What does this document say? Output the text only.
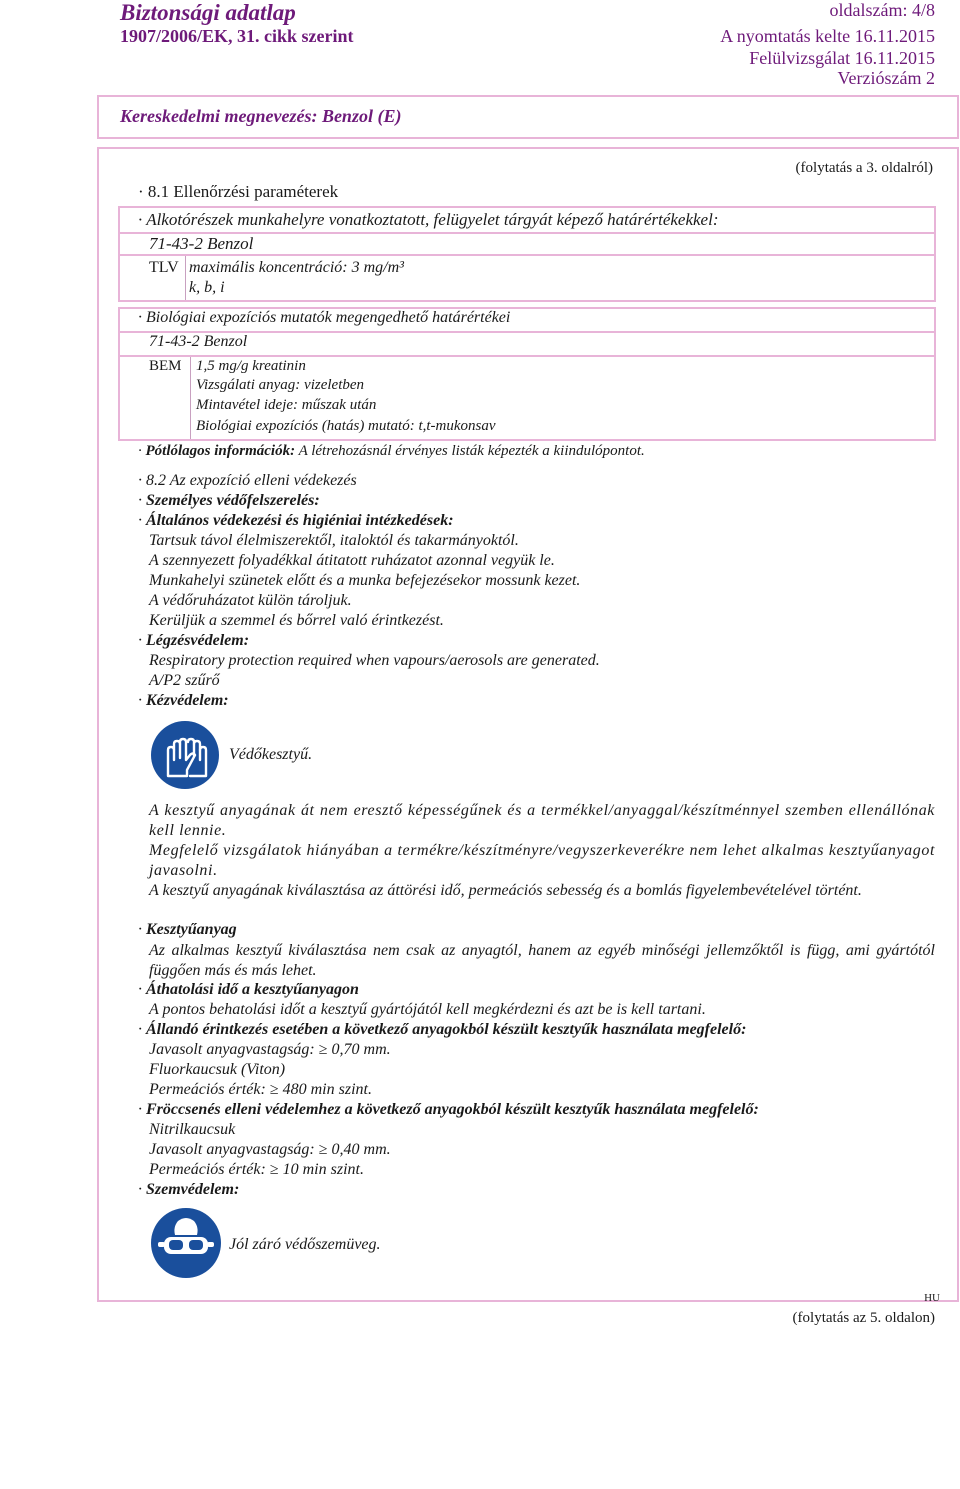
Biztonsági adatlap
1907/2006/EK, 31. cikk szerint
oldalszám: 4/8
A nyomtatás kelte 16.11.2015
Felülvizsgálat 16.11.2015
Verziószám 2
Kereskedelmi megnevezés: Benzol (E)
(folytatás a 3. oldalról)
· 8.1 Ellenőrzési paraméterek
· Alkotórészek munkahelyre vonatkoztatott, felügyelet tárgyát képező határértékekkel:
71-43-2 Benzol
TLV maximális koncentráció: 3 mg/m³
k, b, i
· Biológiai expozíciós mutatók megengedhető határértékei
71-43-2 Benzol
BEM 1,5 mg/g kreatinin
Vizsgálati anyag: vizeletben
Mintavétel ideje: műszak után
Biológiai expozíciós (hatás) mutató: t,t-mukonsav
· Pótlólagos információk: A létrehozásnál érvényes listák képezték a kiindulópontot.
· 8.2 Az expozíció elleni védekezés
· Személyes védőfelszerelés:
· Általános védekezési és higiéniai intézkedések:
Tartsuk távol élelmiszerektől, italoktól és takarmányoktól.
A szennyezett folyadékkal átitatott ruházatot azonnal vegyük le.
Munkahelyi szünetek előtt és a munka befejezésekor mossunk kezet.
A védőruházatot külön tároljuk.
Kerüljük a szemmel és bőrrel való érintkezést.
· Légzésvédelem:
Respiratory protection required when vapours/aerosols are generated.
A/P2 szűrő
· Kézvédelem:
Védőkesztyű.
A kesztyű anyagának át nem eresztő képességűnek és a termékkel/anyaggal/készítménnyel szemben ellenállónak kell lennie.
Megfelelő vizsgálatok hiányában a termékre/készítményre/vegyszerkeverékre nem lehet alkalmas kesztyűanyagot javasolni.
A kesztyű anyagának kiválasztása az áttörési idő, permeációs sebesség és a bomlás figyelembevételével történt.
· Kesztyűanyag
Az alkalmas kesztyű kiválasztása nem csak az anyagtól, hanem az egyéb minőségi jellemzőktől is függ, ami gyártótól függően más és más lehet.
· Áthatolási idő a kesztyűanyagon
A pontos behatolási időt a kesztyű gyártójától kell megkérdezni és azt be is kell tartani.
· Állandó érintkezés esetében a következő anyagokból készült kesztyűk használata megfelelő:
Javasolt anyagvastagság: ≥ 0,70 mm.
Fluorkaucsuk (Viton)
Permeációs érték: ≥ 480 min szint.
· Fröccsenés elleni védelemhez a következő anyagokból készült kesztyűk használata megfelelő:
Nitrilkaucsuk
Javasolt anyagvastagság: ≥ 0,40 mm.
Permeációs érték: ≥ 10 min szint.
· Szemvédelem:
Jól záró védőszemüveg.
HU
(folytatás az 5. oldalon)
